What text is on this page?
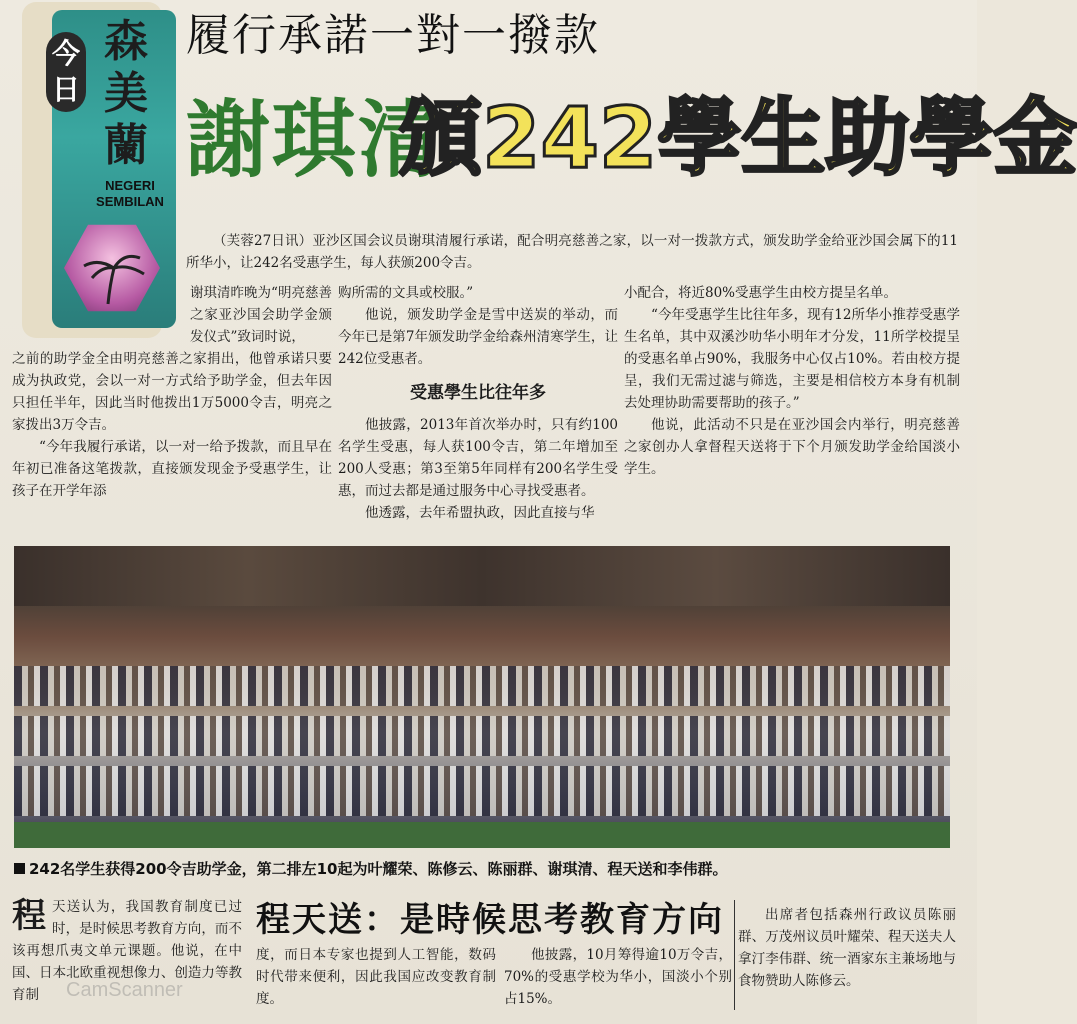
今日
森美蘭
NEGERI SEMBILAN
履行承諾一對一撥款
謝琪清
頒242學生助學金

（芙蓉27日讯）亚沙区国会议员谢琪清履行承诺，配合明亮慈善之家，以一对一拨款方式，颁发助学金给亚沙国会属下的11所华小，让242名受惠学生，每人获颁200令吉。

谢琪清昨晚为“明亮慈善之家亚沙国会助学金颁发仪式”致词时说，

之前的助学金全由明亮慈善之家捐出，他曾承诺只要成为执政党，会以一对一方式给予助学金，但去年因只担任半年，因此当时他拨出1万5000令吉，明亮之家拨出3万令吉。

“今年我履行承诺，以一对一给予拨款，而且早在年初已准备这笔拨款，直接颁发现金予受惠学生，让孩子在开学年添

购所需的文具或校服。”

他说，颁发助学金是雪中送炭的举动，而今年已是第7年颁发助学金给森州清寒学生，让242位受惠者。

受惠學生比往年多

他披露，2013年首次举办时，只有约100名学生受惠，每人获100令吉，第二年增加至200人受惠；第3至第5年同样有200名学生受惠，而过去都是通过服务中心寻找受惠者。

他透露，去年希盟执政，因此直接与华

小配合，将近80%受惠学生由校方提呈名单。

“今年受惠学生比往年多，现有12所华小推荐受惠学生名单，其中双溪沙叻华小明年才分发，11所学校提呈的受惠名单占90%，我服务中心仅占10%。若由校方提呈，我们无需过滤与筛选，主要是相信校方本身有机制去处理协助需要帮助的孩子。”

他说，此活动不只是在亚沙国会内举行，明亮慈善之家创办人拿督程天送将于下个月颁发助学金给国淡小学生。

242名学生获得200令吉助学金，第二排左10起为叶耀荣、陈修云、陈丽群、谢琪清、程天送和李伟群。
程 天送认为，我国教育制度已过时，是时候思考教育方向，而不该再想爪夷文单元课题。他说，在中国、日本北欧重视想像力、创造力等教育制
程天送：是時候思考教育方向

度，而日本专家也提到人工智能，数码时代带来便利，因此我国应改变教育制度。

他披露，10月筹得逾10万令吉，70%的受惠学校为华小，国淡小个别占15%。

出席者包括森州行政议员陈丽群、万茂州议员叶耀荣、程天送夫人拿汀李伟群、统一酒家东主兼场地与食物赞助人陈修云。

CamScanner
